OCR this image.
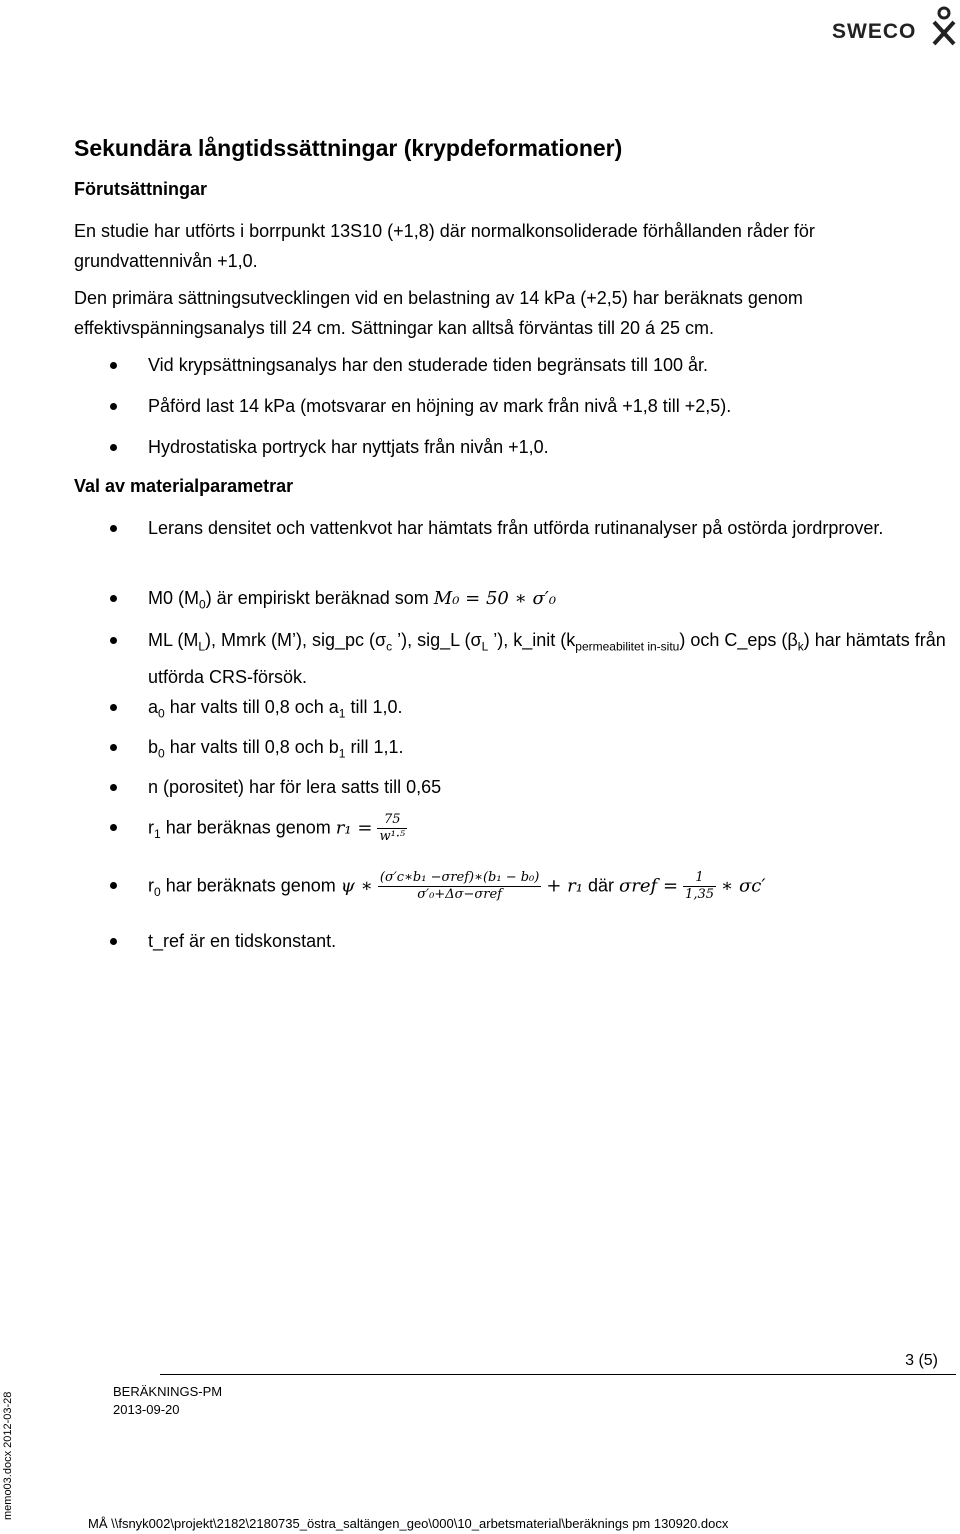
SWECO
Sekundära långtidssättningar (krypdeformationer)
Förutsättningar

En studie har utförts i borrpunkt 13S10 (+1,8) där normalkonsoliderade förhållanden råder för grundvattennivån +1,0.

Den primära sättningsutvecklingen vid en belastning av 14 kPa (+2,5) har beräknats genom effektivspänningsanalys till 24 cm. Sättningar kan alltså förväntas till 20 á 25 cm.

Vid krypsättningsanalys har den studerade tiden begränsats till 100 år.
Påförd last 14 kPa (motsvarar en höjning av mark från nivå +1,8 till +2,5).
Hydrostatiska portryck har nyttjats från nivån +1,0.
Val av materialparametrar
Lerans densitet och vattenkvot har hämtats från utförda rutinanalyser på ostörda jordrprover.
M0 $(M_0)$ är empiriskt beräknad som M₀ = 50 ∗ σ′₀
ML $(M_L)$, Mmrk (M’), sig_pc ($\sigma_c$ ’), sig_L ($\sigma_L$ ’), k_init $(k_{permeabilitet in-situ})$ och C_eps $(\beta_k)$ har hämtats från utförda CRS-försök.
$a_0$ har valts till 0,8 och $a_1$ till 1,0.
$b_0$ har valts till 0,8 och $b_1$ rill 1,1.
n (porositet) har för lera satts till 0,65
$r_1$ har beräknas genom $r_1 = \frac{75}{\text{w¹·⁵}}$
$r_0$ har beräknats genom ψ ∗ $\frac{\text{(σ′c∗b₁ −σref)∗(b₁ − b₀)}}{\text{σ′₀+Δσ−σref}} + r_1$ där $\sigma ref = \frac{1}{1,35}$ ∗ σc′
t_ref är en tidskonstant.
3 (5)
BERÄKNINGS-PM
2013-09-20
memo03.docx 2012-03-28
MÅ \\fsnyk002\projekt\2182\2180735_östra_saltängen_geo\000\10_arbetsmaterial\beräknings pm 130920.docx
